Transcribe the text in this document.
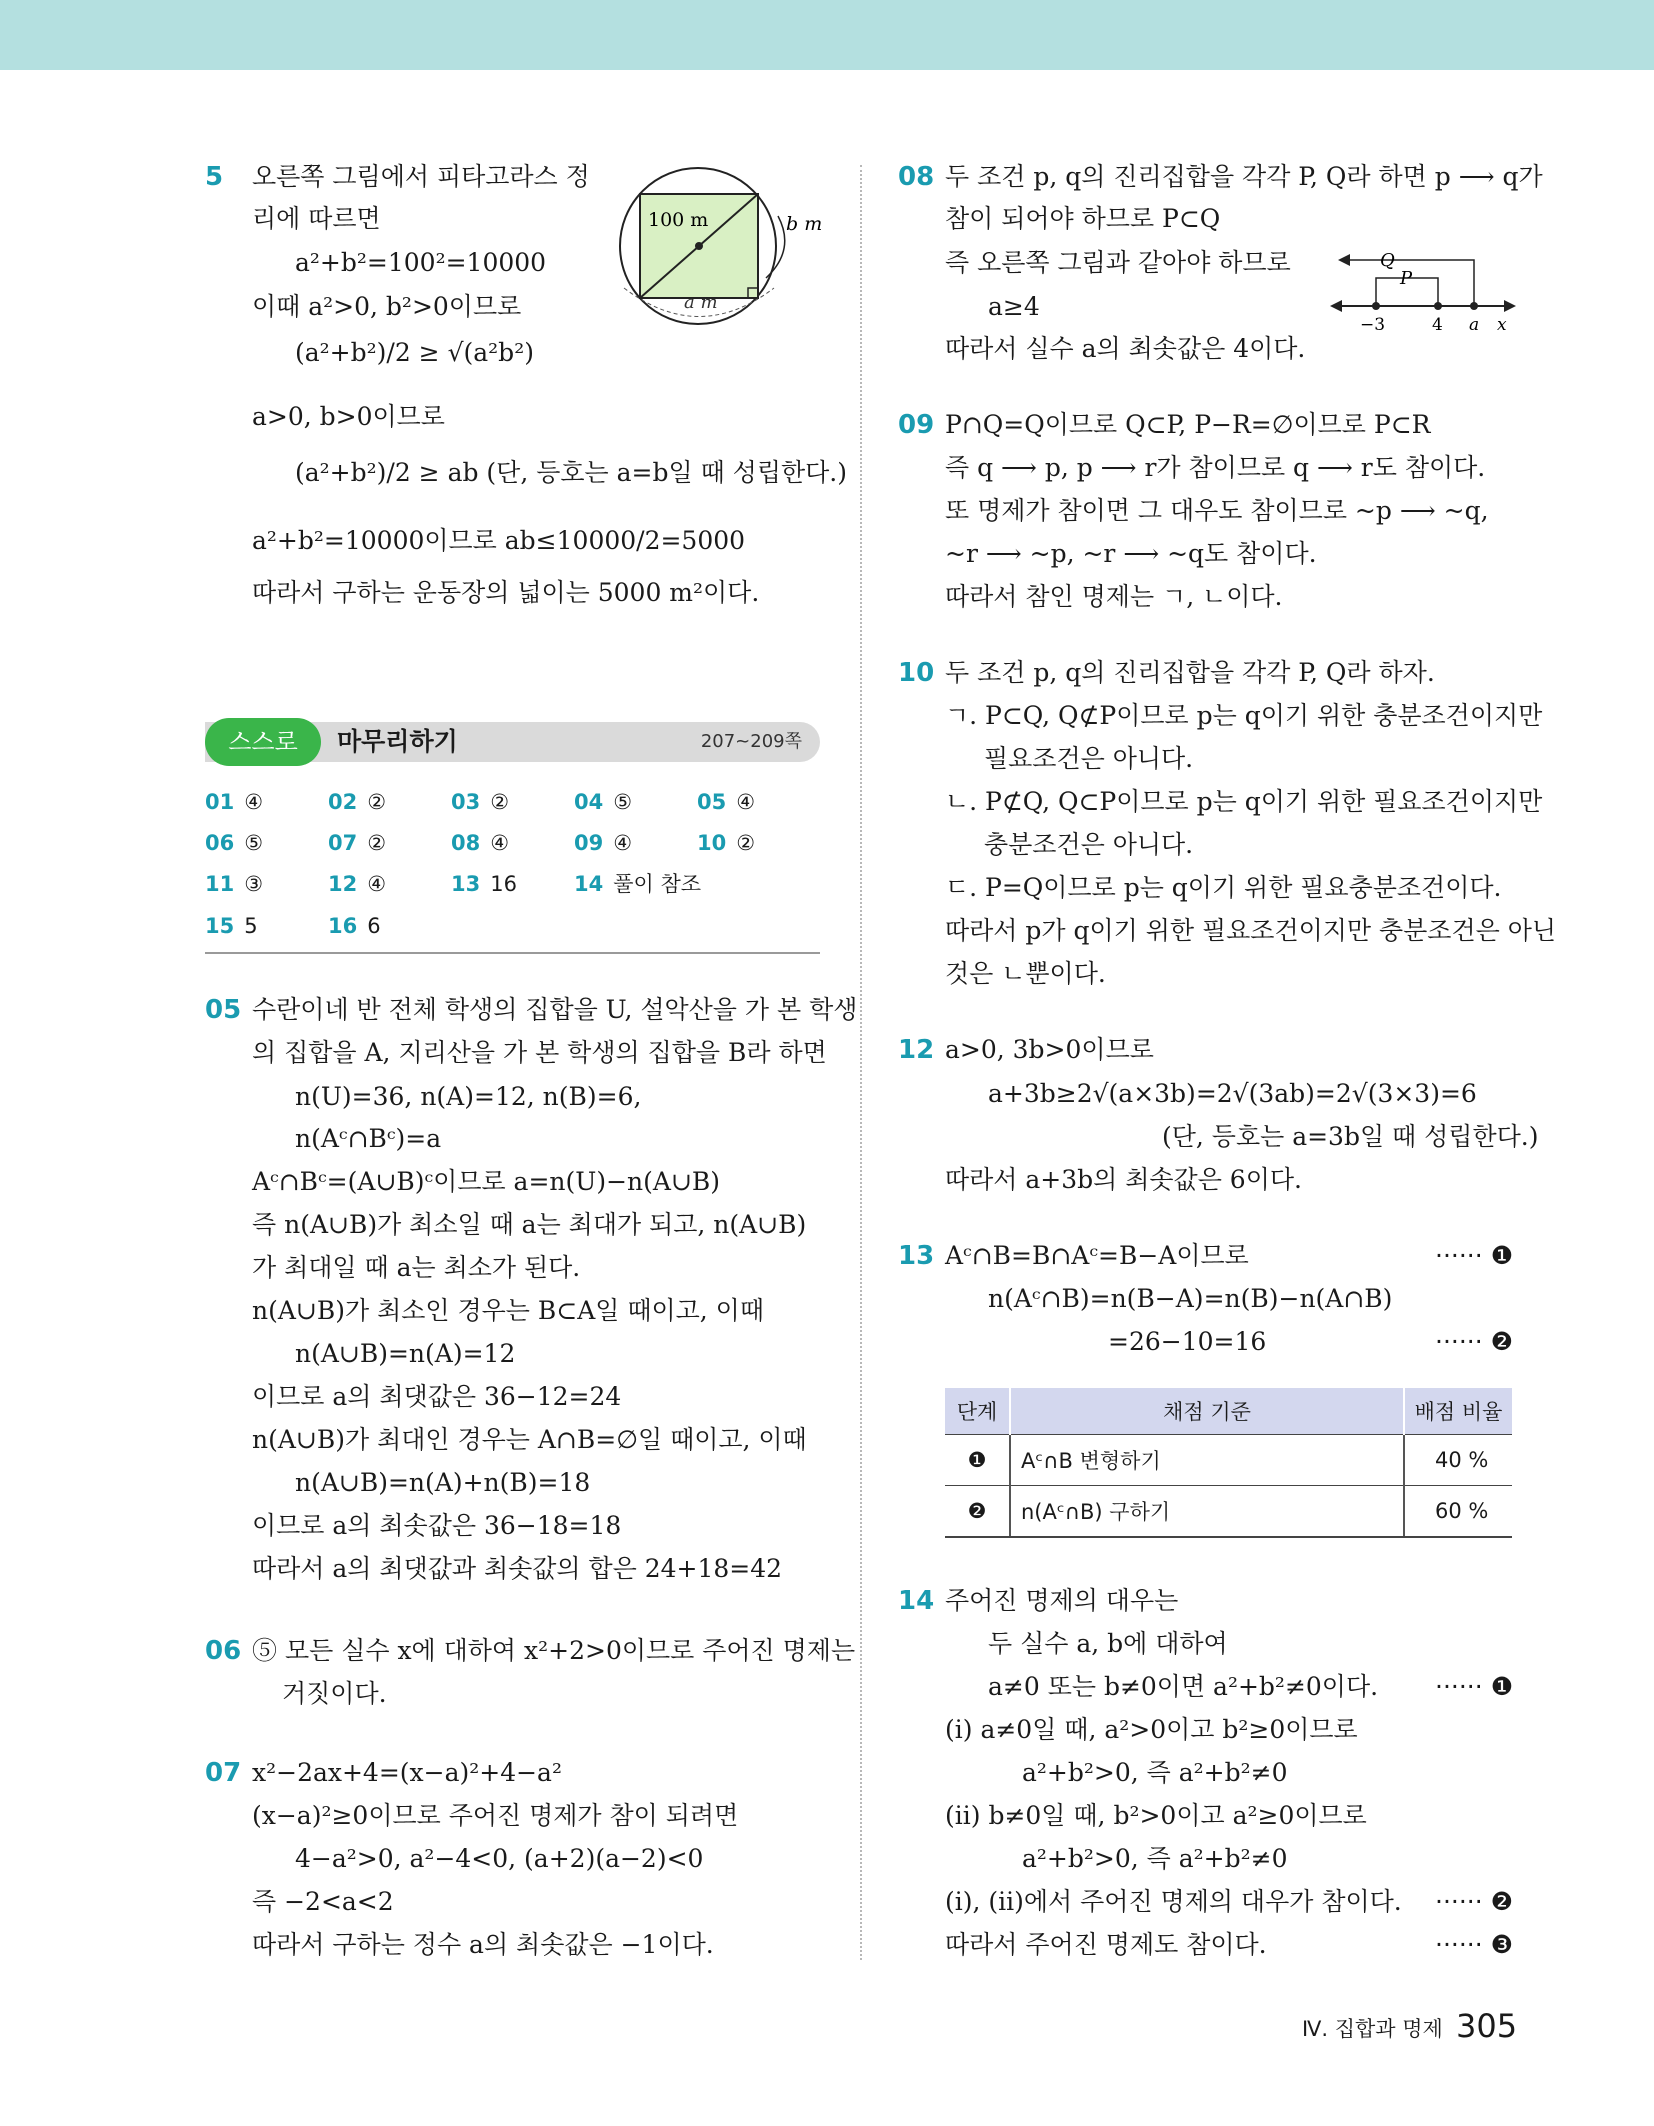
5 오른쪽 그림에서 피타고라스 정
리에 따르면
a²+b²=100²=10000
이때 a²>0, b²>0이므로
(a²+b²)/2 ≥ √(a²b²)
a>0, b>0이므로
(a²+b²)/2 ≥ ab (단, 등호는 a=b일 때 성립한다.)
a²+b²=10000이므로 ab≤10000/2=5000
따라서 구하는 운동장의 넓이는 5000 m²이다.
100 m	b m
a m
스스로	마무리하기	207~209쪽
01 ④	02 ②	03 ②	04 ⑤	05 ④
06 ⑤	07 ②	08 ④	09 ④	10 ②
11 ③	12 ④	13 16	14 풀이 참조
15 5	16 6
05 수란이네 반 전체 학생의 집합을 U, 설악산을 가 본 학생
의 집합을 A, 지리산을 가 본 학생의 집합을 B라 하면
n(U)=36, n(A)=12, n(B)=6,
n(Aᶜ∩Bᶜ)=a
Aᶜ∩Bᶜ=(A∪B)ᶜ이므로 a=n(U)−n(A∪B)
즉 n(A∪B)가 최소일 때 a는 최대가 되고, n(A∪B)
가 최대일 때 a는 최소가 된다.
n(A∪B)가 최소인 경우는 B⊂A일 때이고, 이때
n(A∪B)=n(A)=12
이므로 a의 최댓값은 36−12=24
n(A∪B)가 최대인 경우는 A∩B=∅일 때이고, 이때
n(A∪B)=n(A)+n(B)=18
이므로 a의 최솟값은 36−18=18
따라서 a의 최댓값과 최솟값의 합은 24+18=42
06 ⑤ 모든 실수 x에 대하여 x²+2>0이므로 주어진 명제는
거짓이다.
07 x²−2ax+4=(x−a)²+4−a²
(x−a)²≥0이므로 주어진 명제가 참이 되려면
4−a²>0, a²−4<0, (a+2)(a−2)<0
즉 −2<a<2
따라서 구하는 정수 a의 최솟값은 −1이다.
08 두 조건 p, q의 진리집합을 각각 P, Q라 하면 p ⟶ q가
참이 되어야 하므로 P⊂Q
즉 오른쪽 그림과 같아야 하므로
a≥4
따라서 실수 a의 최솟값은 4이다.
Q
P
−3	4 a x
09 P∩Q=Q이므로 Q⊂P, P−R=∅이므로 P⊂R
즉 q ⟶ p, p ⟶ r가 참이므로 q ⟶ r도 참이다.
또 명제가 참이면 그 대우도 참이므로 ~p ⟶ ~q,
~r ⟶ ~p, ~r ⟶ ~q도 참이다.
따라서 참인 명제는 ㄱ, ㄴ이다.
10 두 조건 p, q의 진리집합을 각각 P, Q라 하자.
ㄱ. P⊂Q, Q⊄P이므로 p는 q이기 위한 충분조건이지만
필요조건은 아니다.
ㄴ. P⊄Q, Q⊂P이므로 p는 q이기 위한 필요조건이지만
충분조건은 아니다.
ㄷ. P=Q이므로 p는 q이기 위한 필요충분조건이다.
따라서 p가 q이기 위한 필요조건이지만 충분조건은 아닌
것은 ㄴ뿐이다.
12 a>0, 3b>0이므로
a+3b≥2√(a×3b)=2√(3ab)=2√(3×3)=6
(단, 등호는 a=3b일 때 성립한다.)
따라서 a+3b의 최솟값은 6이다.
13 Aᶜ∩B=B∩Aᶜ=B−A이므로	······ ❶
n(Aᶜ∩B)=n(B−A)=n(B)−n(A∩B)
=26−10=16	······ ❷
단계	채점 기준	배점 비율
❶	Aᶜ∩B 변형하기	40 %
❷	n(Aᶜ∩B) 구하기	60 %
14 주어진 명제의 대우는
두 실수 a, b에 대하여
a≠0 또는 b≠0이면 a²+b²≠0이다. ······ ❶
(i) a≠0일 때, a²>0이고 b²≥0이므로
a²+b²>0, 즉 a²+b²≠0
(ii) b≠0일 때, b²>0이고 a²≥0이므로
a²+b²>0, 즉 a²+b²≠0
(i), (ii)에서 주어진 명제의 대우가 참이다. ······ ❷
따라서 주어진 명제도 참이다.	······ ❸
Ⅳ. 집합과 명제 305
